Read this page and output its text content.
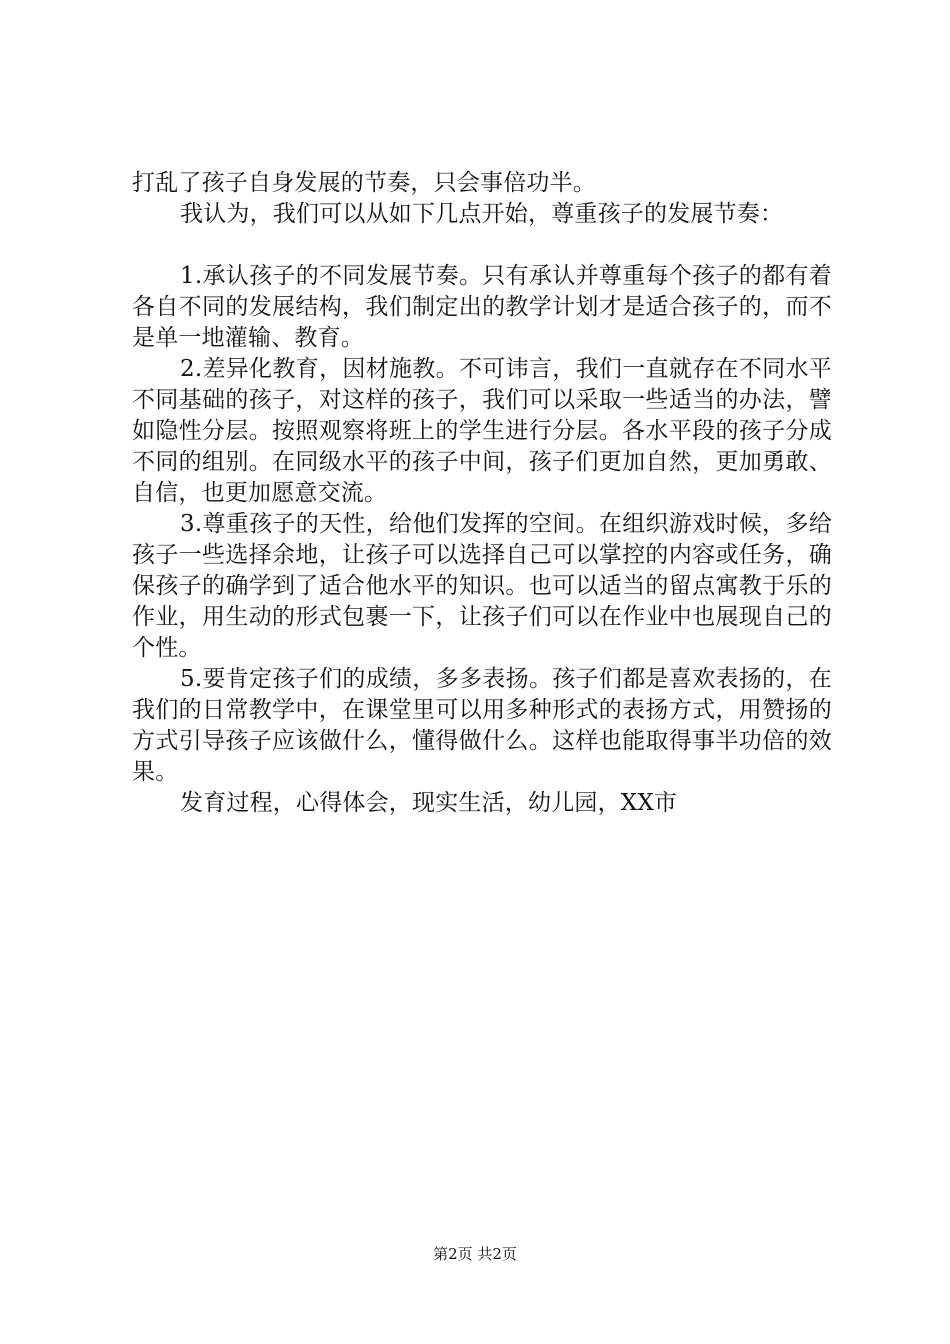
打乱了孩子自身发展的节奏，只会事倍功半。

我认为，我们可以从如下几点开始，尊重孩子的发展节奏：

1.承认孩子的不同发展节奏。只有承认并尊重每个孩子的都有着各自不同的发展结构，我们制定出的教学计划才是适合孩子的，而不是单一地灌输、教育。

2.差异化教育，因材施教。不可讳言，我们一直就存在不同水平不同基础的孩子，对这样的孩子，我们可以采取一些适当的办法，譬如隐性分层。按照观察将班上的学生进行分层。各水平段的孩子分成不同的组别。在同级水平的孩子中间，孩子们更加自然，更加勇敢、自信，也更加愿意交流。

3.尊重孩子的天性，给他们发挥的空间。在组织游戏时候，多给孩子一些选择余地，让孩子可以选择自己可以掌控的内容或任务，确保孩子的确学到了适合他水平的知识。也可以适当的留点寓教于乐的作业，用生动的形式包裹一下，让孩子们可以在作业中也展现自己的个性。

5.要肯定孩子们的成绩，多多表扬。孩子们都是喜欢表扬的，在我们的日常教学中，在课堂里可以用多种形式的表扬方式，用赞扬的方式引导孩子应该做什么，懂得做什么。这样也能取得事半功倍的效果。

发育过程，心得体会，现实生活，幼儿园，XX市

第2页 共2页
